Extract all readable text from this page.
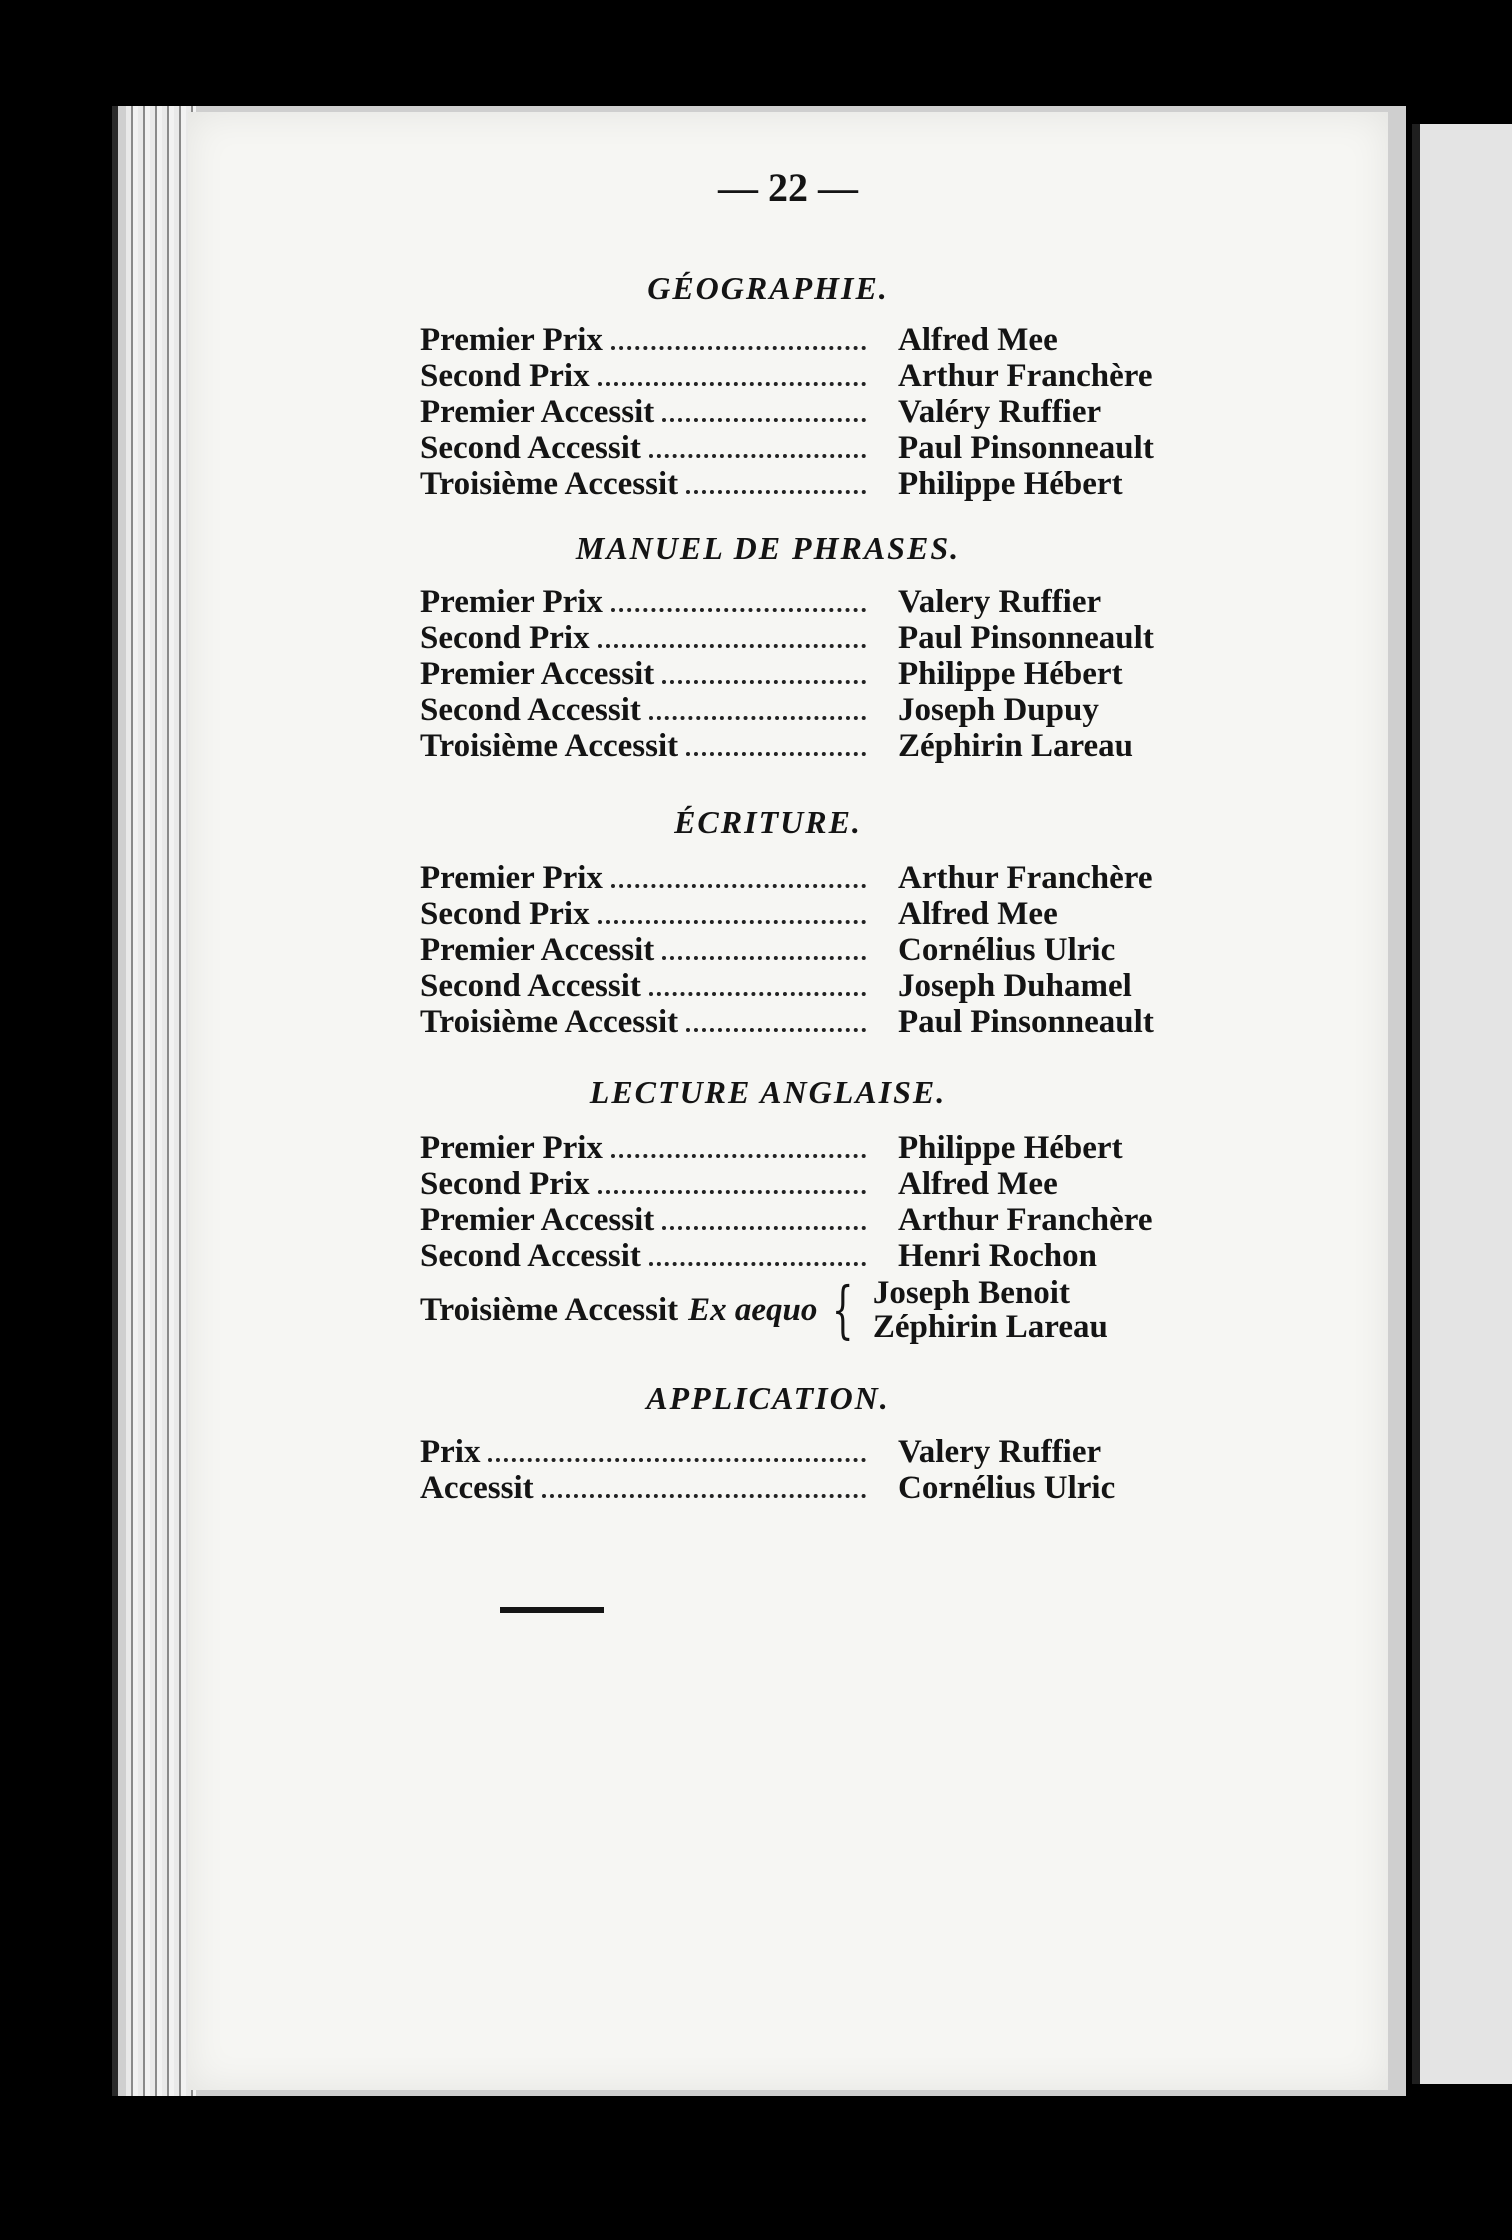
— 22 —
GÉOGRAPHIE.
Premier Prix	Alfred Mee
Second Prix	Arthur Franchère
Premier Accessit	Valéry Ruffier
Second Accessit	Paul Pinsonneault
Troisième Accessit	Philippe Hébert
MANUEL DE PHRASES.
Premier Prix	Valery Ruffier
Second Prix	Paul Pinsonneault
Premier Accessit	Philippe Hébert
Second Accessit	Joseph Dupuy
Troisième Accessit	Zéphirin Lareau
ÉCRITURE.
Premier Prix	Arthur Franchère
Second Prix	Alfred Mee
Premier Accessit	Cornélius Ulric
Second Accessit	Joseph Duhamel
Troisième Accessit	Paul Pinsonneault
LECTURE ANGLAISE.
Premier Prix	Philippe Hébert
Second Prix	Alfred Mee
Premier Accessit	Arthur Franchère
Second Accessit	Henri Rochon
Troisième Accessit Ex aequo { Joseph Benoit
Zéphirin Lareau
APPLICATION.
Prix	Valery Ruffier
Accessit	Cornélius Ulric
